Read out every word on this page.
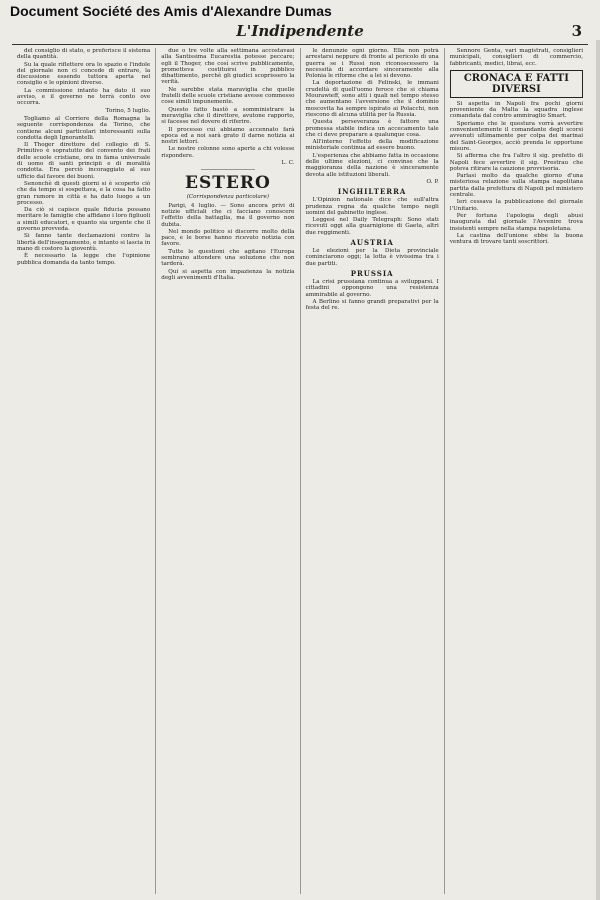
Document Société des Amis d'Alexandre Dumas
L'Indipendente	3

del consiglio di stato, e preferisce il sistema della quantità.

Su la quale riflettere ora lo spazio e l'indole del giornale non ci concede di entrare, la discussione essendo tuttora aperta nel consiglio e le opinioni diverse.

La commissione intanto ha dato il suo avviso, e il governo ne terrà conto ove occorra.

Torino, 5 luglio.

Togliamo al Corriere della Romagna la seguente corrispondenza da Torino, che contiene alcuni particolari interessanti sulla condotta degli Ignorantelli.

Il Thoger direttore del collegio di S. Primitivo è sopratutto del convento dei frati delle scuole cristiane, ora in fama universale di uomo di santi principii e di moralità condotta. Era perciò incoraggiato al suo ufficio dal favore dei buoni.

Senonchè di questi giorni si è scoperto ciò che da tempo si sospettava, e la cosa ha fatto gran rumore in città e ha dato luogo a un processo.

Da ciò si capisce quale fiducia possano meritare le famiglie che affidano i loro figliuoli a simili educatori, e quanto sia urgente che il governo provveda.

Si fanno tante declamazioni contro la libertà dell'insegnamento, e intanto si lascia in mano di costoro la gioventù.

È necessario la legge che l'opinione pubblica domanda da tanto tempo.

due o tre volte alla settimana accostavasi alla Santissima Eucarestia potesse peccare; egli il Thoger, che così scrive pubblicamente, prometteva costituirsi in pubblico dibattimento, perchè gli giudici scoprissero la verità.

Ne sarebbe stata maraviglia che quelle fratelli delle scuole cristiane avesse commesso cose simili impunemente.

Questo fatto bastò a somministrare la meraviglia che il direttore, avutone rapporto, si facesse nel dovere di riferire.

Il processo cui abbiamo accennato farà epoca ed a noi sarà grato il darne notizia ai nostri lettori.

Le nostre colonne sono aperte a chi volesse rispondere.

L. C.
ESTERO
(Corrispondenza particolare)

Parigi, 4 luglio. — Sono ancora privi di notizie ufficiali che ci facciano conoscere l'effetto della battaglia, ma il governo non dubita.

Nel mondo politico si discorre molto della pace, e le borse hanno ricevuto notizia con favore.

Tutte le questioni che agitano l'Europa sembrano attendere una soluzione che non tarderà.

Qui si aspetta con impazienza la notizia degli avvenimenti d'Italia.

le denunzie ogni giorno. Ella non potrà arrestarsi neppure di fronte al pericolo di una guerra se i Russi non riconoscessero la necessità di accordare sinceramente alla Polonia le riforme che a lei si devono.

La deportazione di Felinski, le immani crudeltà di quell'uomo feroce che si chiama Mourawieff, sono atti i quali nel tempo stesso che aumentano l'avversione che il dominio moscovita ha sempre ispirato ai Polacchi, non riescono di alcuna utilità per la Russia.

Questa perseveranza è fattore una promessa stabile indica un accecamento tale che ci deve preparare a qualunque cosa.

All'interno l'effetto della modificazione ministeriale continua ad essere buono.

L'esperienza che abbiamo fatta in occasione delle ultime elezioni, ci convinse che la maggioranza della nazione è sinceramente devota alle istituzioni liberali.

O. P.
INGHILTERRA

L'Opinion nationale dice che sull'altra prudenza regna da qualche tempo negli uomini del gabinetto inglese.

Leggesi nel Daily Telegraph: Sono stati ricevuti oggi alla guarnigione di Gaeta, altri due reggimenti.

AUSTRIA

Le elezioni per la Dieta provinciale cominciarono oggi; la lotta è vivissima tra i due partiti.

PRUSSIA

La crisi prussiana continua a svilupparsi. I cittadini oppongono una resistenza ammirabile al governo.

A Berlino si fanno grandi preparativi per la festa del re.

Sennore Genta, vari magistrati, consiglieri municipali, consiglieri di commercio, fabbricanti, medici, librai, ecc.

CRONACA E FATTI DIVERSI

Si aspetta in Napoli fra pochi giorni proveniente da Malta la squadra inglese comandata dal contro ammiraglio Smart.

Speriamo che le questura vorrà avvertire convenientemente il comandante degli scorsi avvenuti ultimamente per colpa dei marinai del Saint-Georges, acciò prenda le opportune misure.

Si afferma che fra l'altro il sig. prefetto di Napoli fece avvertire il sig. Prestrau che poteva ritirare la cauzione provvisoria.

Parlasi molto da qualche giorno d'una misteriosa relazione sulla stampa napolitana partita dalla prefettura di Napoli pel ministero centrale.

Ieri cessava la pubblicazione del giornale l'Unitario.

Per fortuna l'apologia degli abusi inaugurata dal giornale l'Avvenire trova insistenti sempre nella stampa napoletana.

La castina dell'unione ebbe la buona ventura di trovare tanti soscrittori.
